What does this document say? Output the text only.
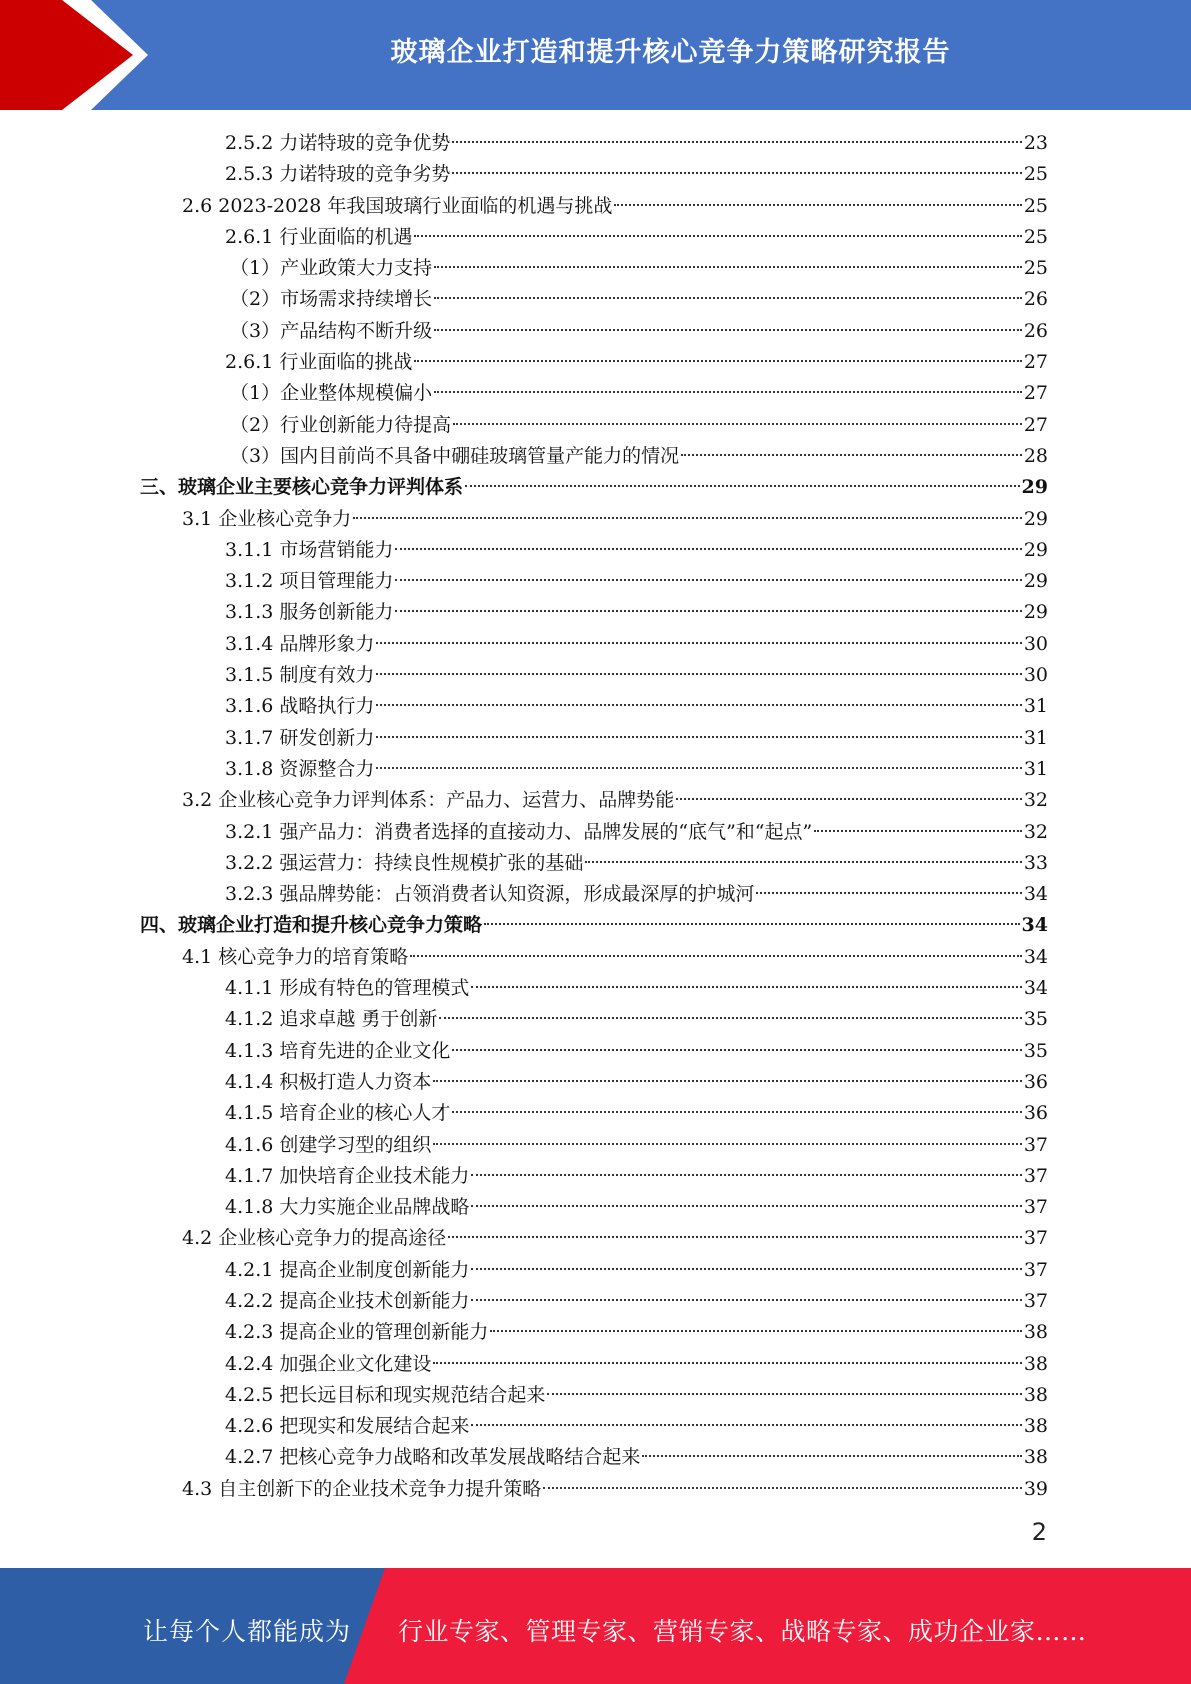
玻璃企业打造和提升核心竞争力策略研究报告
2.5.2 力诺特玻的竞争优势	23
2.5.3 力诺特玻的竞争劣势	25
2.6 2023-2028 年我国玻璃行业面临的机遇与挑战	25
2.6.1 行业面临的机遇	25
（1）产业政策大力支持	25
（2）市场需求持续增长	26
（3）产品结构不断升级	26
2.6.1 行业面临的挑战	27
（1）企业整体规模偏小	27
（2）行业创新能力待提高	27
（3）国内目前尚不具备中硼硅玻璃管量产能力的情况	28
三、玻璃企业主要核心竞争力评判体系	29
3.1 企业核心竞争力	29
3.1.1 市场营销能力	29
3.1.2 项目管理能力	29
3.1.3 服务创新能力	29
3.1.4 品牌形象力	30
3.1.5 制度有效力	30
3.1.6 战略执行力	31
3.1.7 研发创新力	31
3.1.8 资源整合力	31
3.2 企业核心竞争力评判体系：产品力、运营力、品牌势能	32
3.2.1 强产品力：消费者选择的直接动力、品牌发展的“底气”和“起点”	32
3.2.2 强运营力：持续良性规模扩张的基础	33
3.2.3 强品牌势能：占领消费者认知资源，形成最深厚的护城河	34
四、玻璃企业打造和提升核心竞争力策略	34
4.1 核心竞争力的培育策略	34
4.1.1 形成有特色的管理模式	34
4.1.2 追求卓越 勇于创新	35
4.1.3 培育先进的企业文化	35
4.1.4 积极打造人力资本	36
4.1.5 培育企业的核心人才	36
4.1.6 创建学习型的组织	37
4.1.7 加快培育企业技术能力	37
4.1.8 大力实施企业品牌战略	37
4.2 企业核心竞争力的提高途径	37
4.2.1 提高企业制度创新能力	37
4.2.2 提高企业技术创新能力	37
4.2.3 提高企业的管理创新能力	38
4.2.4 加强企业文化建设	38
4.2.5 把长远目标和现实规范结合起来	38
4.2.6 把现实和发展结合起来	38
4.2.7 把核心竞争力战略和改革发展战略结合起来	38
4.3 自主创新下的企业技术竞争力提升策略	39
2
让每个人都能成为 行业专家、管理专家、营销专家、战略专家、成功企业家……
